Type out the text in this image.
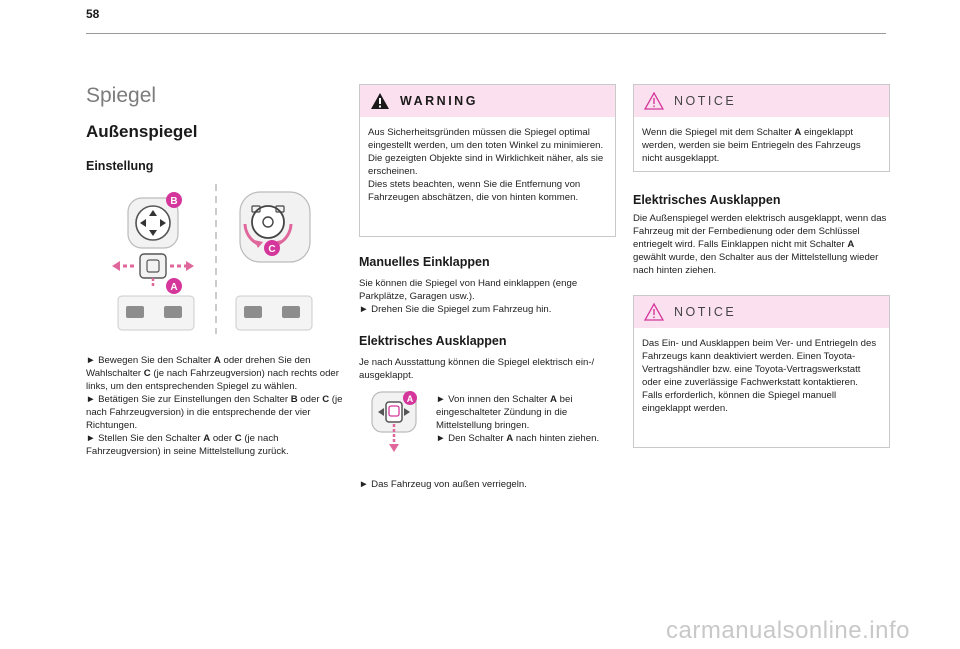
58
Spiegel
Außenspiegel
Einstellung
B
A
C
► Bewegen Sie den Schalter A oder drehen Sie den Wahlschalter C (je nach Fahrzeugversion) nach rechts oder links, um den entsprechenden Spiegel zu wählen.
► Betätigen Sie zur Einstellungen den Schalter B oder C (je nach Fahrzeugversion) in die entsprechende der vier Richtungen.
► Stellen Sie den Schalter A oder C (je nach Fahrzeugversion) in seine Mittelstellung zurück.
WARNING
Aus Sicherheitsgründen müssen die Spiegel optimal eingestellt werden, um den toten Winkel zu minimieren.
Die gezeigten Objekte sind in Wirklichkeit näher, als sie erscheinen.
Dies stets beachten, wenn Sie die Entfernung von Fahrzeugen abschätzen, die von hinten kommen.
Manuelles Einklappen
Sie können die Spiegel von Hand einklappen (enge Parkplätze, Garagen usw.).
► Drehen Sie die Spiegel zum Fahrzeug hin.
Elektrisches Ausklappen
Je nach Ausstattung können die Spiegel elektrisch ein-/ ausgeklappt.
A ► Von innen den Schalter A bei eingeschalteter Zündung in die Mittelstellung bringen.
► Den Schalter A nach hinten ziehen.
► Das Fahrzeug von außen verriegeln.
NOTICE
Wenn die Spiegel mit dem Schalter A eingeklappt werden, werden sie beim Entriegeln des Fahrzeugs nicht ausgeklappt.
Elektrisches Ausklappen
Die Außenspiegel werden elektrisch ausgeklappt, wenn das Fahrzeug mit der Fernbedienung oder dem Schlüssel entriegelt wird. Falls Einklappen nicht mit Schalter A gewählt wurde, den Schalter aus der Mittelstellung wieder nach hinten ziehen.
NOTICE
Das Ein- und Ausklappen beim Ver- und Entriegeln des Fahrzeugs kann deaktiviert werden. Einen Toyota-Vertragshändler bzw. eine Toyota-Vertragswerkstatt oder eine zuverlässige Fachwerkstatt kontaktieren.
Falls erforderlich, können die Spiegel manuell eingeklappt werden.
carmanualsonline.info
